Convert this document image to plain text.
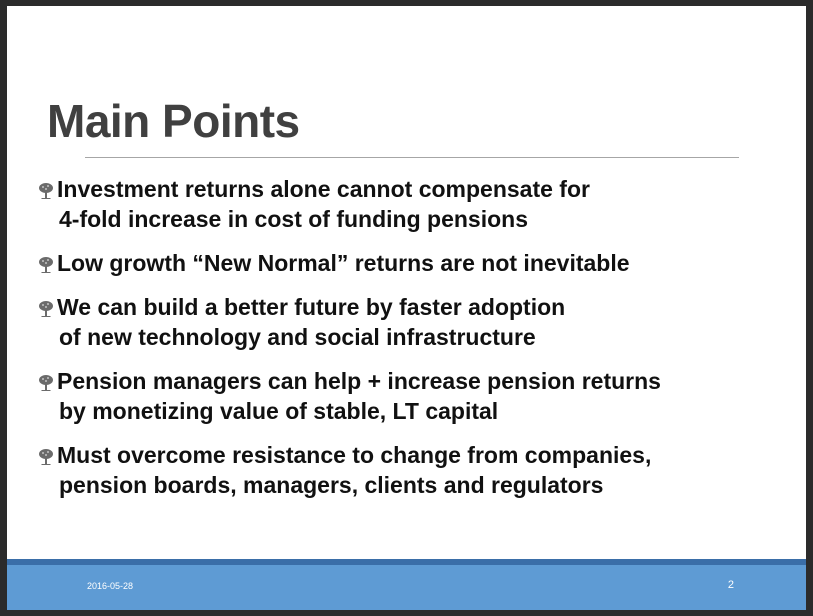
Main Points
Investment returns alone cannot compensate for
4-fold increase in cost of funding pensions
Low growth “New Normal” returns are not inevitable
We can build a better future by faster adoption
of new technology and social infrastructure
Pension managers can help + increase pension returns
by monetizing value of stable, LT capital
Must overcome resistance to change from companies,
pension boards, managers, clients and regulators
2016-05-28	2
